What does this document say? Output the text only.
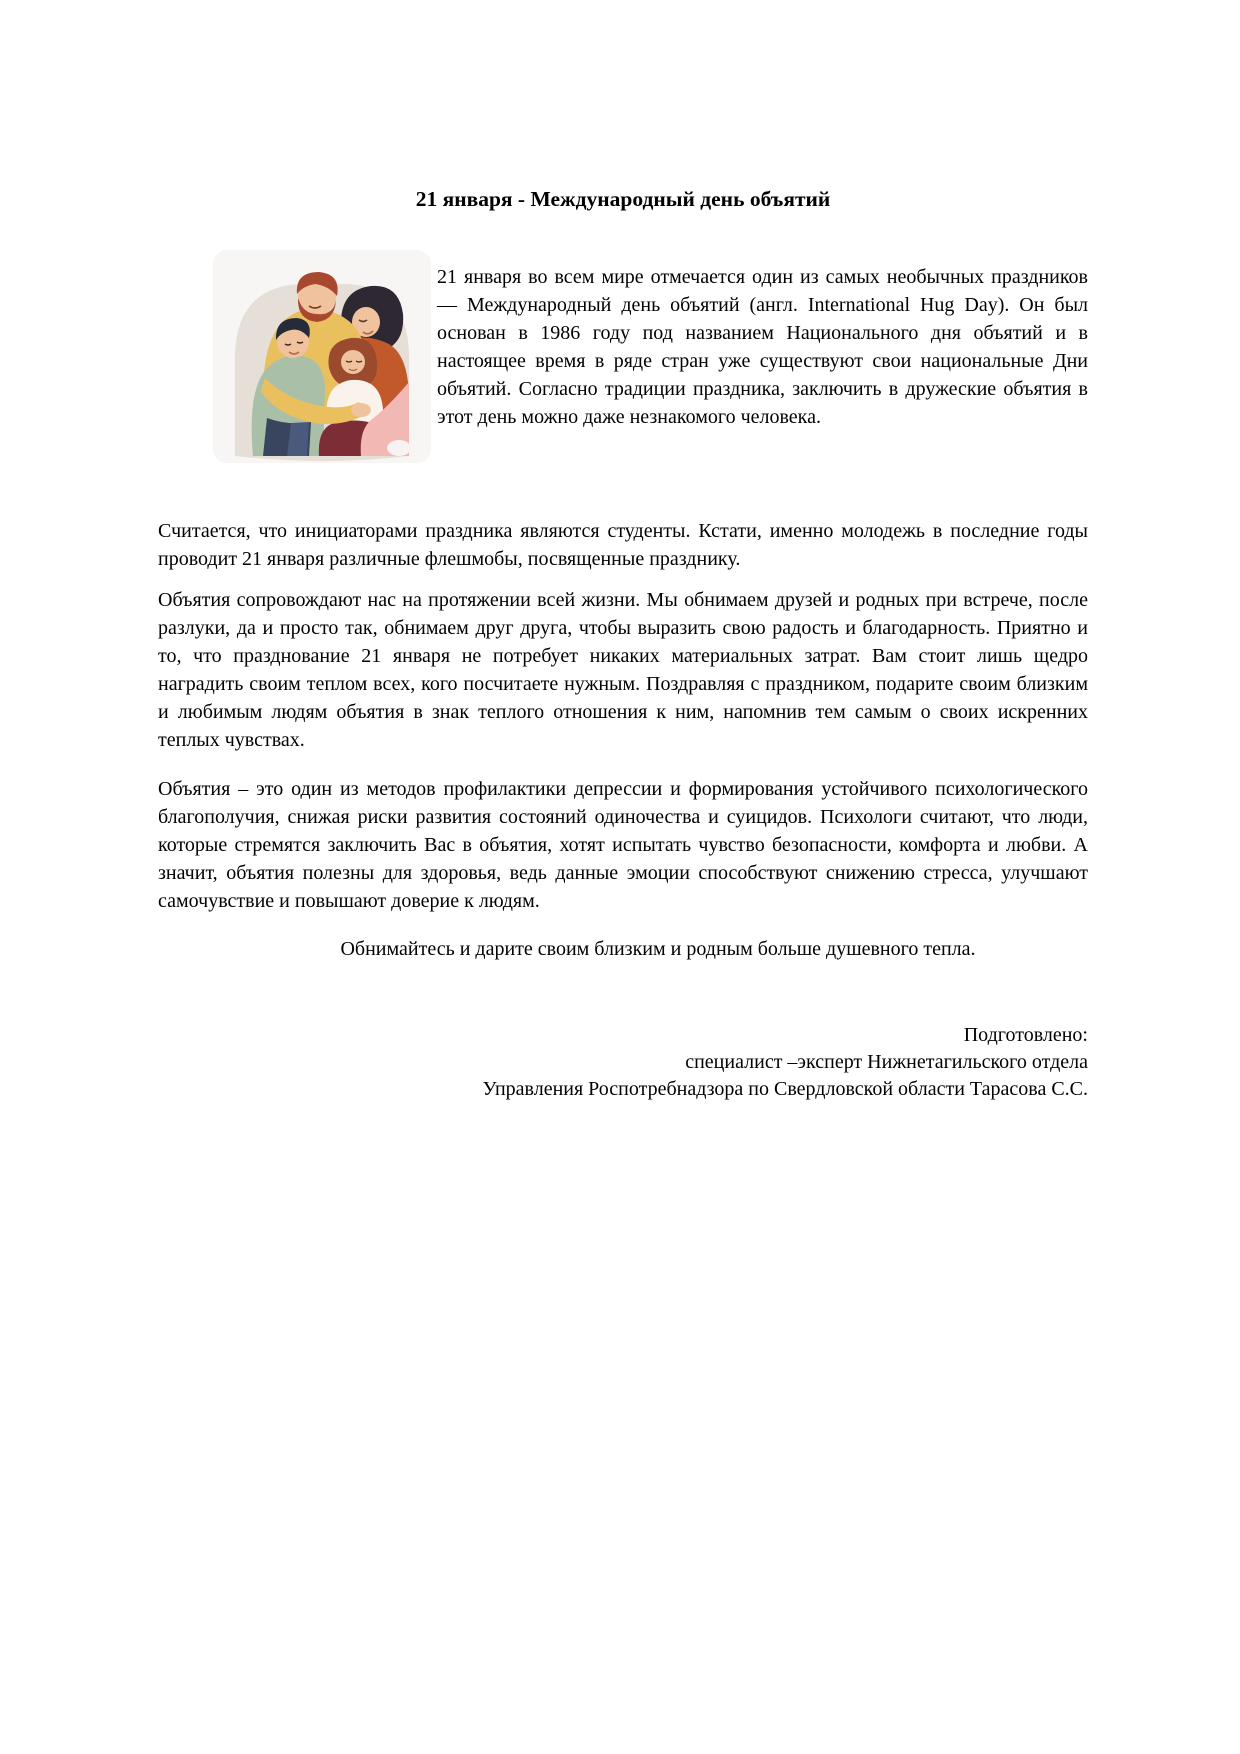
21 января - Международный день объятий

21 января во всем мире отмечается один из самых необычных праздников — Международный день объятий (англ. International Hug Day). Он был основан в 1986 году под названием Национального дня объятий и в настоящее время в ряде стран уже существуют свои национальные Дни объятий. Согласно традиции праздника, заключить в дружеские объятия в этот день можно даже незнакомого человека.

Считается, что инициаторами праздника являются студенты. Кстати, именно молодежь в последние годы проводит 21 января различные флешмобы, посвященные празднику.

Объятия сопровождают нас на протяжении всей жизни. Мы обнимаем друзей и родных при встрече, после разлуки, да и просто так, обнимаем друг друга, чтобы выразить свою радость и благодарность. Приятно и то, что празднование 21 января не потребует никаких материальных затрат. Вам стоит лишь щедро наградить своим теплом всех, кого посчитаете нужным. Поздравляя с праздником, подарите своим близким и любимым людям объятия в знак теплого отношения к ним, напомнив тем самым о своих искренних теплых чувствах.

Объятия – это один из методов профилактики депрессии и формирования устойчивого психологического благополучия, снижая риски развития состояний одиночества и суицидов. Психологи считают, что люди, которые стремятся заключить Вас в объятия, хотят испытать чувство безопасности, комфорта и любви. А значит, объятия полезны для здоровья, ведь данные эмоции способствуют снижению стресса, улучшают самочувствие и повышают доверие к людям.

Обнимайтесь и дарите своим близким и родным больше душевного тепла.

Подготовлено:
специалист –эксперт Нижнетагильского отдела
Управления Роспотребнадзора по Свердловской области Тарасова С.С.
